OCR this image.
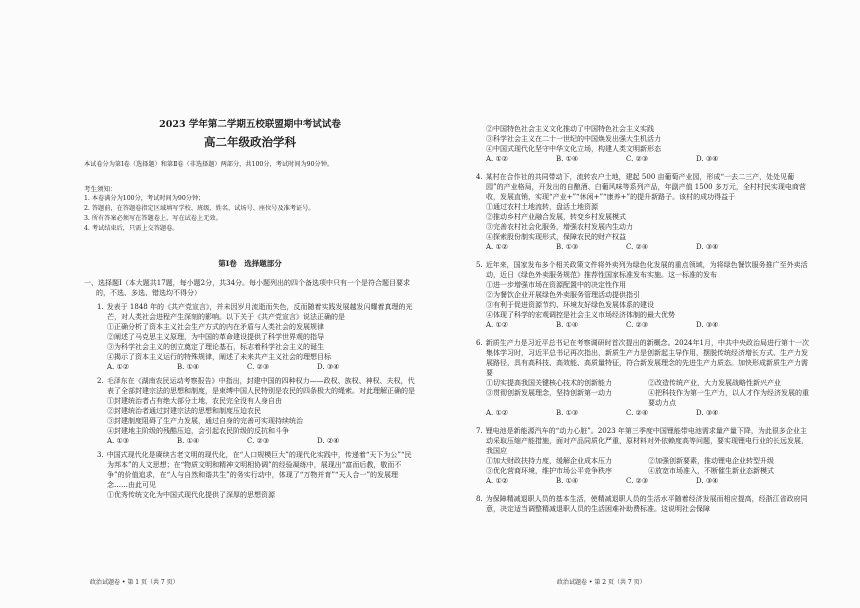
2023 学年第二学期五校联盟期中考试试卷
高二年级政治学科
本试卷分为第Ⅰ卷（选择题）和第Ⅱ卷（非选择题）两部分，共100分，考试时间为90分钟。
考生须知：
1. 本卷满分为100分，考试时间为90分钟；
2. 答题前，在答题卷指定区域填写学校、班级、姓名、试场号、座位号及准考证号。
3. 所有答案必须写在答题卷上，写在试卷上无效。
4. 考试结束后，只需上交答题卷。
第Ⅰ卷　选择题部分
一、选择题Ⅰ（本大题共17题，每小题2分，共34分。每小题列出的四个备选项中只有一个是符合题目要求的，不选、多选、错选均不得分）
1. 发表于 1848 年的《共产党宣言》，并未因岁月流逝而失色，反而随着实践发展越发闪耀着真理的光芒，对人类社会进程产生深刻的影响。以下关于《共产党宣言》说法正确的是
①正确分析了资本主义社会生产方式的内在矛盾与人类社会的发展规律
②阐述了马克思主义原理，为中国的革命建设提供了科学世界观的指导
③为科学社会主义的创立奠定了理论基石，标志着科学社会主义的诞生
④揭示了资本主义运行的特殊规律，阐述了未来共产主义社会的理想目标
A. ①②	B. ①④	C. ②③	D. ③④
2. 毛泽东在《湖南农民运动考察报告》中指出，封建中国的四种权力——政权、族权、神权、夫权，代表了全部封建宗法的思想和制度，是束缚中国人民特别是农民的四条极大的绳索。对此理解正确的是
①封建统治者占有绝大部分土地，农民完全没有人身自由
②封建统治者通过封建宗法的思想和制度压迫农民
③封建制度阻碍了生产力发展，通过自身的完善可实现持续统治
④封建地主阶级的残酷压迫，会引起农民阶级的反抗和斗争
A. ①③	B. ①④	C. ②③	D. ②④
3. 中国式现代化是赓续古老文明的现代化，在“人口规模巨大”的现代化实践中，传递着“天下为公”“民为邦本”的人文思想；在“物质文明和精神文明相协调”的经验凝练中，展现出“富而后教，敬而不争”的价值追求，在“人与自然和谐共生”的务实行动中，体现了“万物并育”“天人合一”的发展理念……由此可见
①优秀传统文化为中国式现代化提供了深厚的思想资源
②中国特色社会主义文化推动了中国特色社会主义实践
③科学社会主义在二十一世纪的中国焕发出强大生机活力
④中国式现代化坚守中华文化立场，构建人类文明新形态
A. ①②	B. ①④	C. ②③	D. ③④
4. 某村在合作社的共同带动下，流转农户土地，建起 500 亩葡萄产业园，形成“一去二三产，处处见葡园”的产业格局，开发出的自酿酒、白葡风味等系列产品，年副产值 1500 多万元，全村村民实现电商营收，发展直销，实现“产业+”“休闲+”“康养+”的提升新路子。该村的成功得益于
①通过农村土地流转，盘活土地资源
②推动乡村产业融合发展，转变乡村发展模式
③完善农村社会化服务，增强农村发展内生动力
④探索股份制实现形式，保障农民的财产权益
A. ①②	B. ①③	C. ②④	D. ③④
5. 近年来，国家发布多个相关政策文件将外卖列为绿色化发展的重点领域，为将绿色餐饮服务推广至外卖活动，近日《绿色外卖服务规范》推荐性国家标准发布实施。这一标准的发布
①进一步增强市场在资源配置中的决定性作用
②为餐饮企业开展绿色外卖服务管理活动提供指引
③有利于促进资源节约、环境友好绿色发展体系的建设
④体现了科学的宏观调控是社会主义市场经济体制的最大优势
A. ①②	B. ①④	C. ②③	D. ③④
6. 新质生产力是习近平总书记在考察调研时首次提出的新概念。2024年1月，中共中央政治局进行第十一次集体学习时，习近平总书记再次指出，新质生产力是创新起主导作用，摆脱传统经济增长方式、生产力发展路径，具有高科技、高效能、高质量特征，符合新发展理念的先进生产力质态。加快形成新质生产力需要
①切实提高我国关键核心技术的创新能力	②改造传统产业，大力发展战略性新兴产业
③贯彻创新发展理念，坚持创新第一动力	④把科技作为第一生产力，以人才作为经济发展的重要动力点
A. ①②	B. ①③	C. ②④	D. ③④
7. 锂电池是新能源汽车的“动力心脏”。2023 年第三季度中国锂能带电池需求量产量下降，为此很多企业主动采取压缩产能措施，面对产品同质化严重，原材料对外依赖度高等问题，要实现锂电行业的长远发展，我国应
①加大财政扶持力度，缓解企业成本压力	②加强创新要素，推动锂电企业转型升级
③优化营商环境，维护市场公平竞争秩序	④放宽市场准入，不断催生新业态新模式
A. ①②	B. ①④	C. ②③	D. ③④
8. 为保障精减退职人员的基本生活，使精减退职人员的生活水平随着经济发展而相应提高，经浙江省政府同意，决定适当调整精减退职人员的生活困难补助费标准。这说明社会保障
政治试题卷 • 第 1 页（共 7 页）	政治试题卷 • 第 2 页（共 7 页）
